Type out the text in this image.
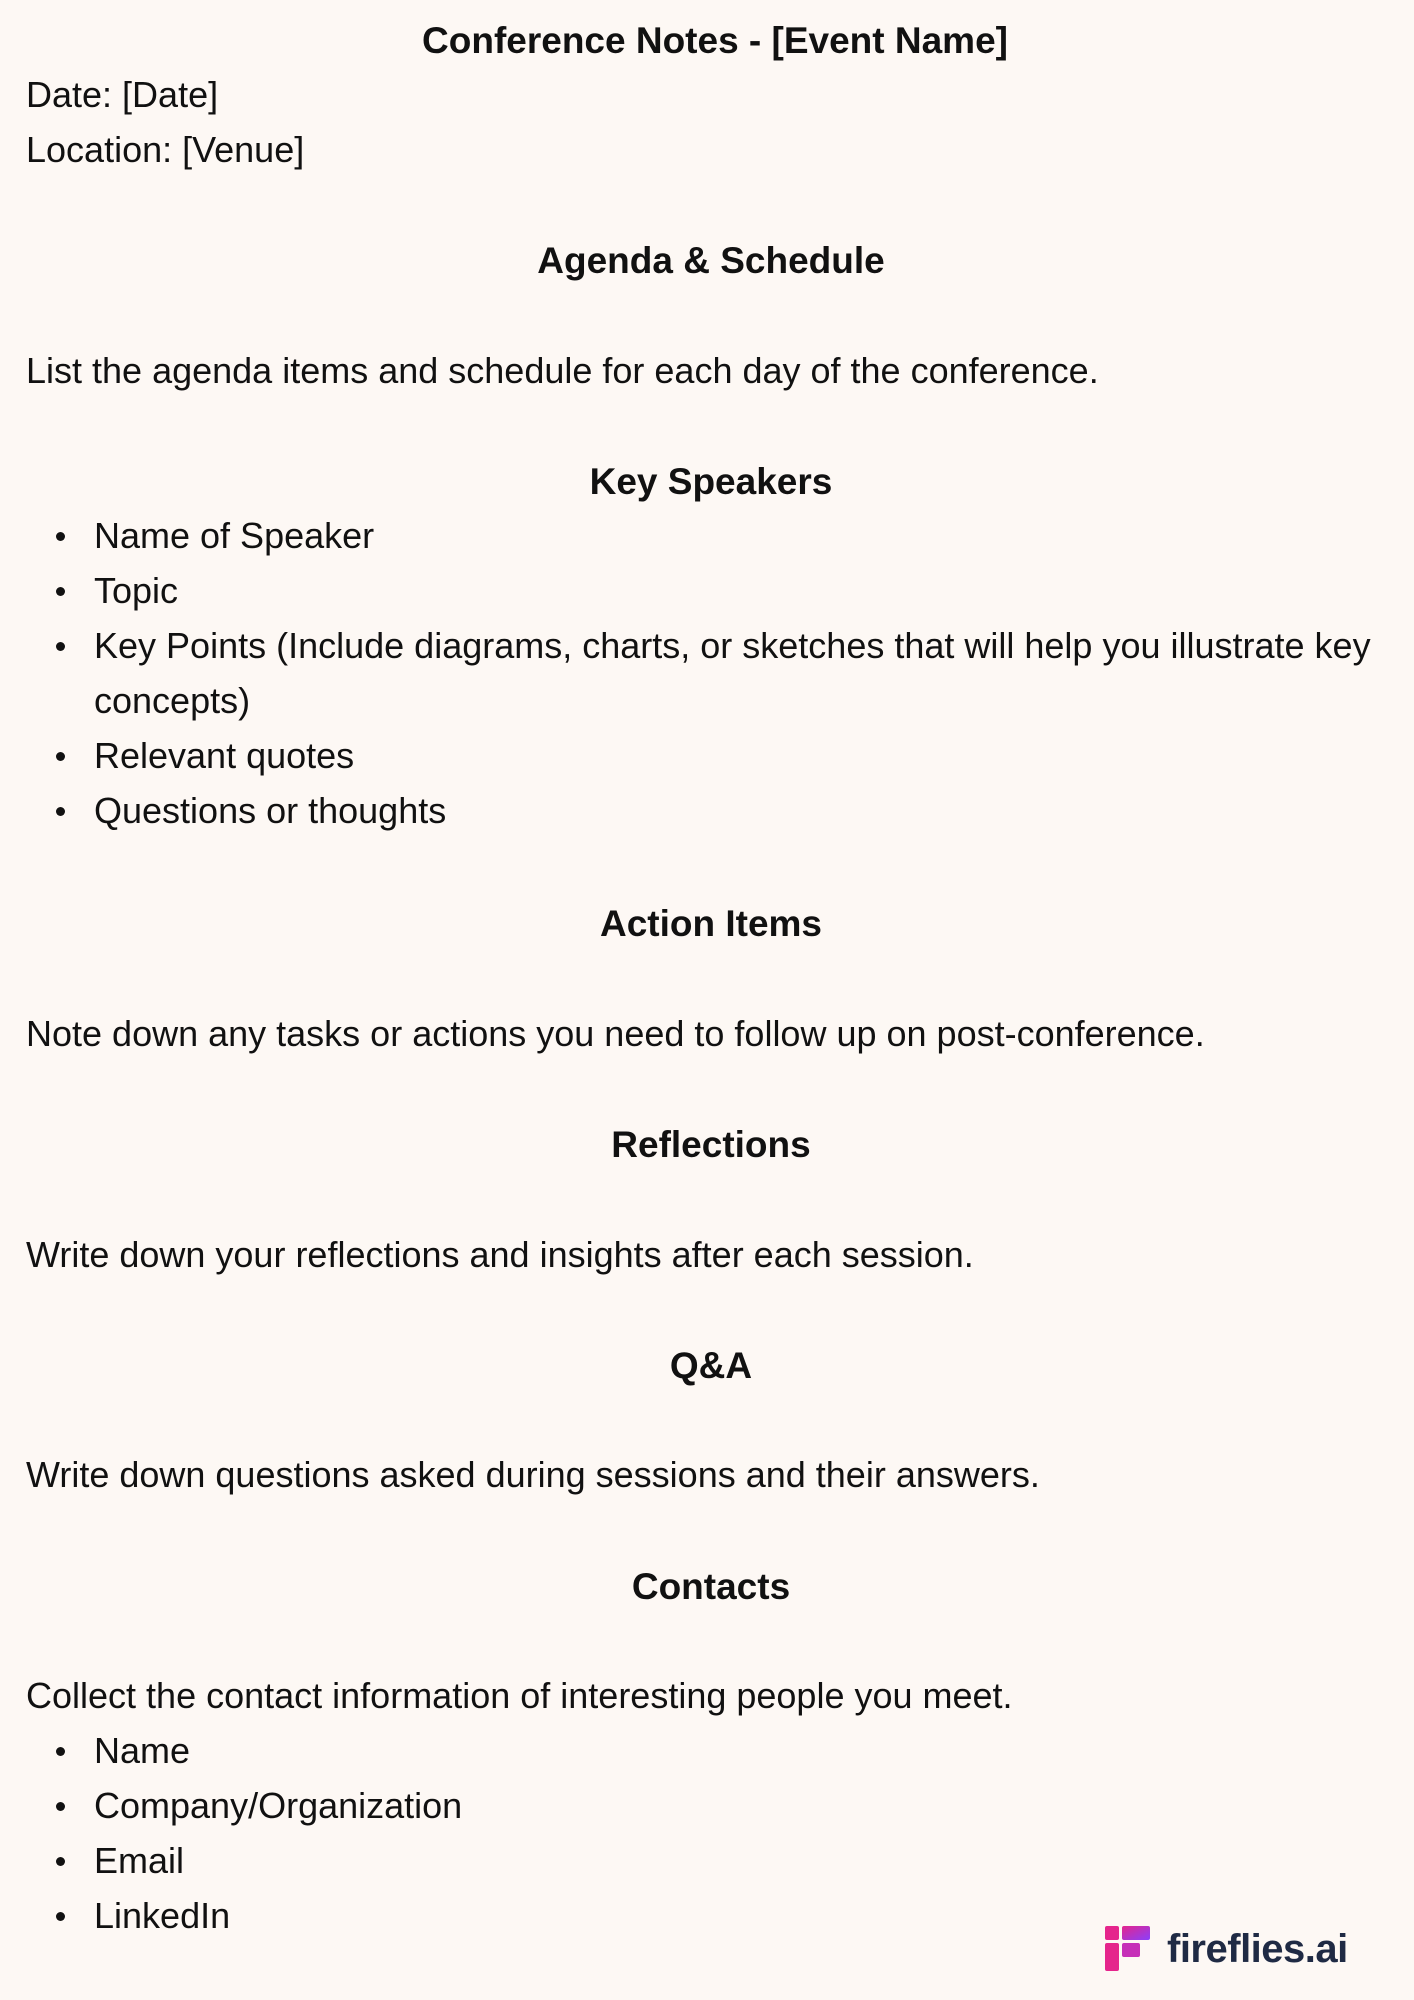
Conference Notes - [Event Name]
Date: [Date]
Location: [Venue]
Agenda & Schedule
List the agenda items and schedule for each day of the conference.
Key Speakers
Name of Speaker
Topic
Key Points (Include diagrams, charts, or sketches that will help you illustrate key concepts)
Relevant quotes
Questions or thoughts
Action Items
Note down any tasks or actions you need to follow up on post-conference.
Reflections
Write down your reflections and insights after each session.
Q&A
Write down questions asked during sessions and their answers.
Contacts
Collect the contact information of interesting people you meet.
Name
Company/Organization
Email
LinkedIn
fireflies.ai
